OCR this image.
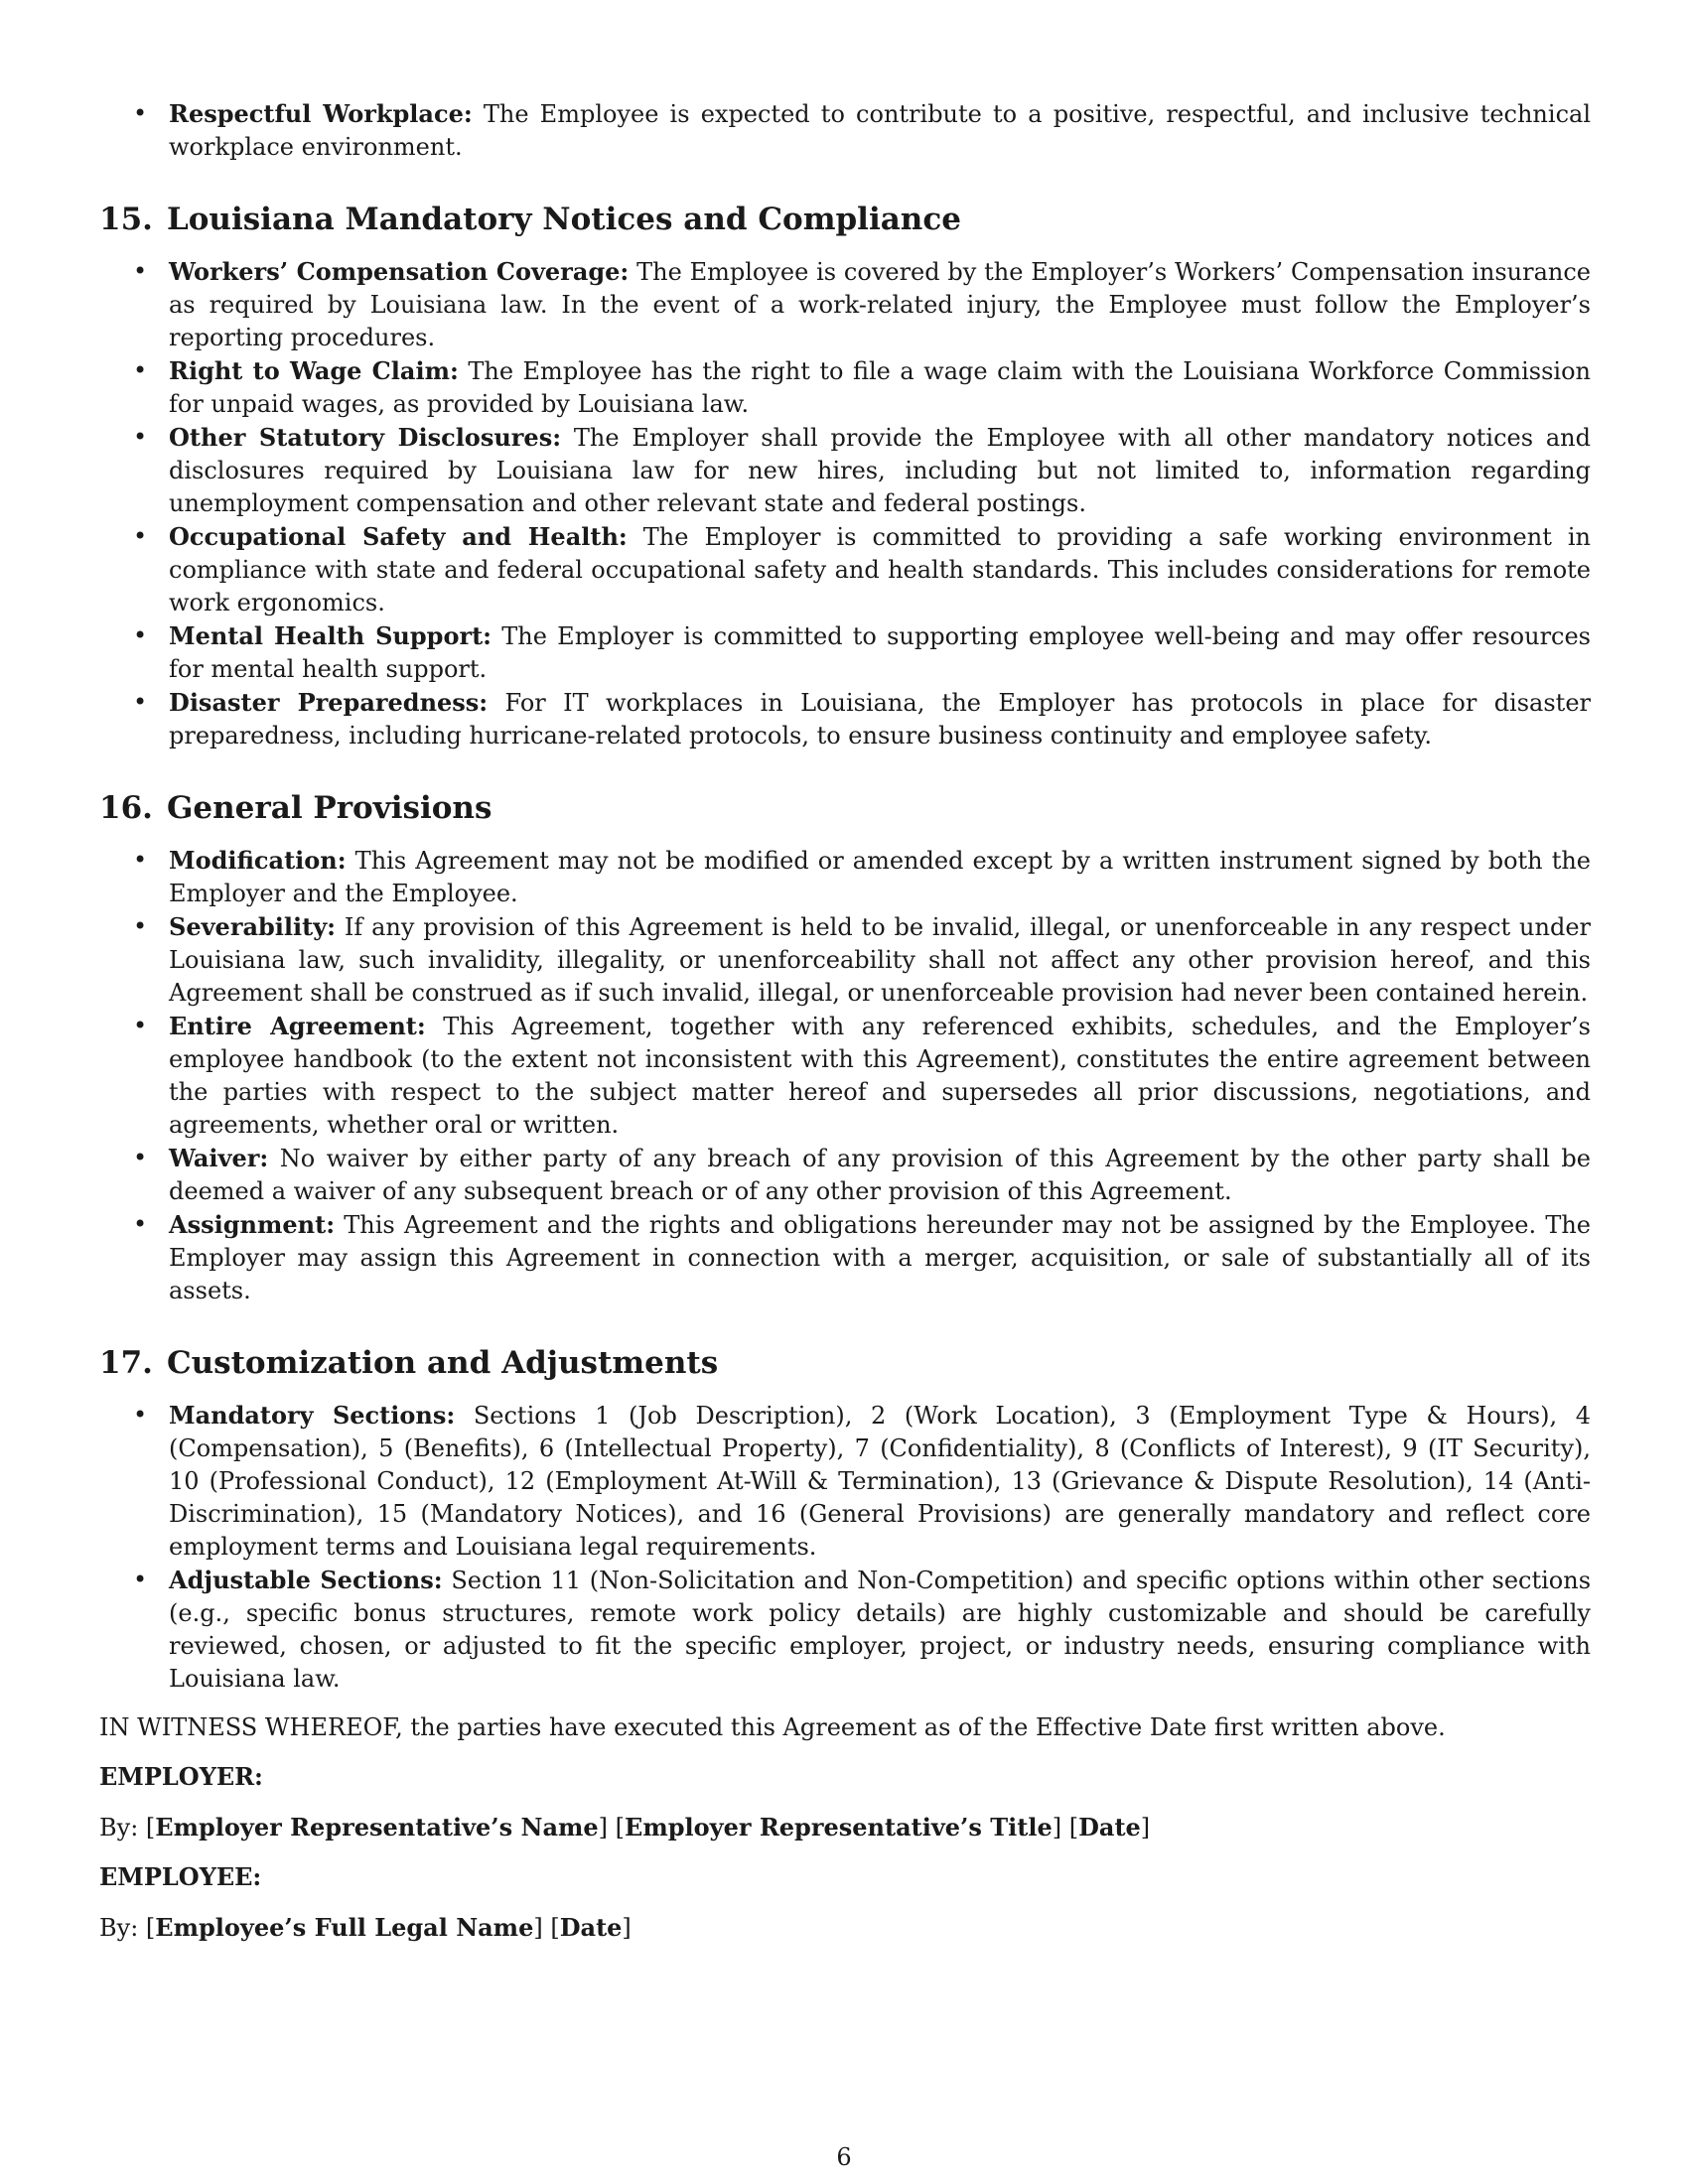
• Respectful Workplace: The Employee is expected to contribute to a positive, respectful, and inclusive technical workplace environment.
15. Louisiana Mandatory Notices and Compliance
• Workers’ Compensation Coverage: The Employee is covered by the Employer’s Workers’ Compensation insurance as required by Louisiana law. In the event of a work-related injury, the Employee must follow the Employer’s reporting procedures.
• Right to Wage Claim: The Employee has the right to file a wage claim with the Louisiana Workforce Commission for unpaid wages, as provided by Louisiana law.
• Other Statutory Disclosures: The Employer shall provide the Employee with all other mandatory notices and disclosures required by Louisiana law for new hires, including but not limited to, information regarding unemployment compensation and other relevant state and federal postings.
• Occupational Safety and Health: The Employer is committed to providing a safe working environment in compliance with state and federal occupational safety and health standards. This includes considerations for remote work ergonomics.
• Mental Health Support: The Employer is committed to supporting employee well-being and may offer resources for mental health support.
• Disaster Preparedness: For IT workplaces in Louisiana, the Employer has protocols in place for disaster preparedness, including hurricane-related protocols, to ensure business continuity and employee safety.
16. General Provisions
• Modification: This Agreement may not be modified or amended except by a written instrument signed by both the Employer and the Employee.
• Severability: If any provision of this Agreement is held to be invalid, illegal, or unenforceable in any respect under Louisiana law, such invalidity, illegality, or unenforceability shall not affect any other provision hereof, and this Agreement shall be construed as if such invalid, illegal, or unenforceable provision had never been contained herein.
• Entire Agreement: This Agreement, together with any referenced exhibits, schedules, and the Employer’s employee handbook (to the extent not inconsistent with this Agreement), constitutes the entire agreement between the parties with respect to the subject matter hereof and supersedes all prior discussions, negotiations, and agreements, whether oral or written.
• Waiver: No waiver by either party of any breach of any provision of this Agreement by the other party shall be deemed a waiver of any subsequent breach or of any other provision of this Agreement.
• Assignment: This Agreement and the rights and obligations hereunder may not be assigned by the Employee. The Employer may assign this Agreement in connection with a merger, acquisition, or sale of substantially all of its assets.
17. Customization and Adjustments
• Mandatory Sections: Sections 1 (Job Description), 2 (Work Location), 3 (Employment Type & Hours), 4 (Compensation), 5 (Benefits), 6 (Intellectual Property), 7 (Confidentiality), 8 (Conflicts of Interest), 9 (IT Security), 10 (Professional Conduct), 12 (Employment At-Will & Termination), 13 (Grievance & Dispute Resolution), 14 (Anti-Discrimination), 15 (Mandatory Notices), and 16 (General Provisions) are generally mandatory and reflect core employment terms and Louisiana legal requirements.
• Adjustable Sections: Section 11 (Non-Solicitation and Non-Competition) and specific options within other sections (e.g., specific bonus structures, remote work policy details) are highly customizable and should be carefully reviewed, chosen, or adjusted to fit the specific employer, project, or industry needs, ensuring compliance with Louisiana law.

IN WITNESS WHEREOF, the parties have executed this Agreement as of the Effective Date first written above.

EMPLOYER:

By: [Employer Representative’s Name] [Employer Representative’s Title] [Date]

EMPLOYEE:

By: [Employee’s Full Legal Name] [Date]

6
